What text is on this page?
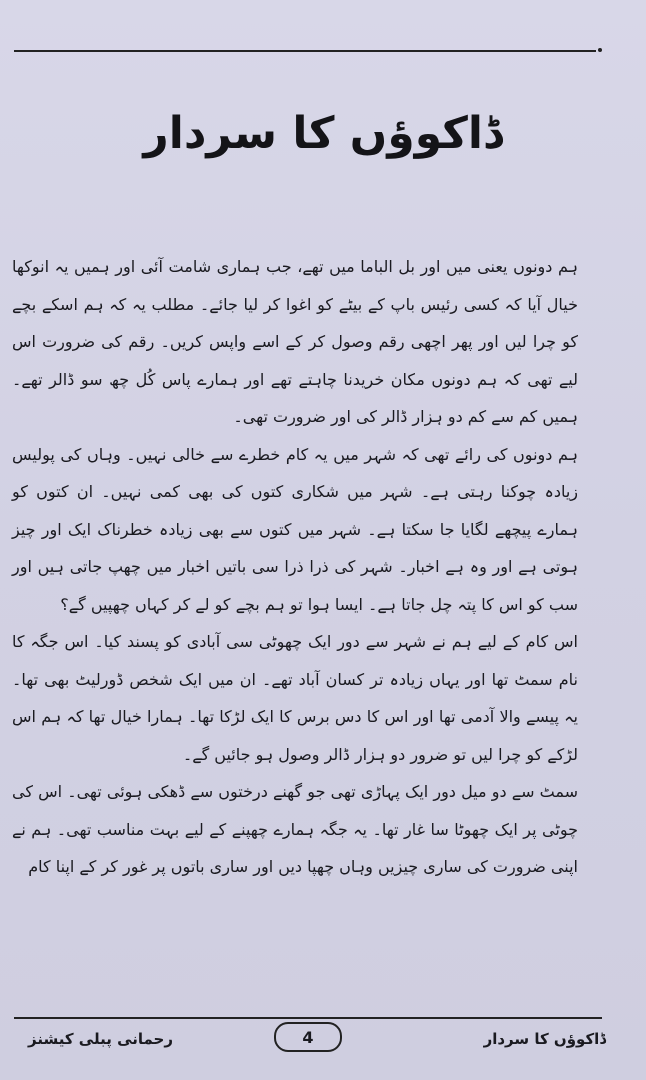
ڈاکوؤں کا سردار

ہم دونوں یعنی میں اور بل الباما میں تھے، جب ہماری شامت آئی اور ہمیں یہ انوکھا خیال آیا کہ کسی رئیس باپ کے بیٹے کو اغوا کر لیا جائے۔ مطلب یہ کہ ہم اسکے بچے کو چرا لیں اور پھر اچھی رقم وصول کر کے اسے واپس کریں۔ رقم کی ضرورت اس لیے تھی کہ ہم دونوں مکان خریدنا چاہتے تھے اور ہمارے پاس کُل چھ سو ڈالر تھے۔ ہمیں کم سے کم دو ہزار ڈالر کی اور ضرورت تھی۔

ہم دونوں کی رائے تھی کہ شہر میں یہ کام خطرے سے خالی نہیں۔ وہاں کی پولیس زیادہ چوکنا رہتی ہے۔ شہر میں شکاری کتوں کی بھی کمی نہیں۔ ان کتوں کو ہمارے پیچھے لگایا جا سکتا ہے۔ شہر میں کتوں سے بھی زیادہ خطرناک ایک اور چیز ہوتی ہے اور وہ ہے اخبار۔ شہر کی ذرا ذرا سی باتیں اخبار میں چھپ جاتی ہیں اور سب کو اس کا پتہ چل جاتا ہے۔ ایسا ہوا تو ہم بچے کو لے کر کہاں چھپیں گے؟

اس کام کے لیے ہم نے شہر سے دور ایک چھوٹی سی آبادی کو پسند کیا۔ اس جگہ کا نام سمٹ تھا اور یہاں زیادہ تر کسان آباد تھے۔ ان میں ایک شخص ڈورلیٹ بھی تھا۔ یہ پیسے والا آدمی تھا اور اس کا دس برس کا ایک لڑکا تھا۔ ہمارا خیال تھا کہ ہم اس لڑکے کو چرا لیں تو ضرور دو ہزار ڈالر وصول ہو جائیں گے۔

سمٹ سے دو میل دور ایک پہاڑی تھی جو گھنے درختوں سے ڈھکی ہوئی تھی۔ اس کی چوٹی پر ایک چھوٹا سا غار تھا۔ یہ جگہ ہمارے چھپنے کے لیے بہت مناسب تھی۔ ہم نے اپنی ضرورت کی ساری چیزیں وہاں چھپا دیں اور ساری باتوں پر غور کر کے اپنا کام

رحمانی پبلی کیشنز	4	ڈاکوؤں کا سردار
